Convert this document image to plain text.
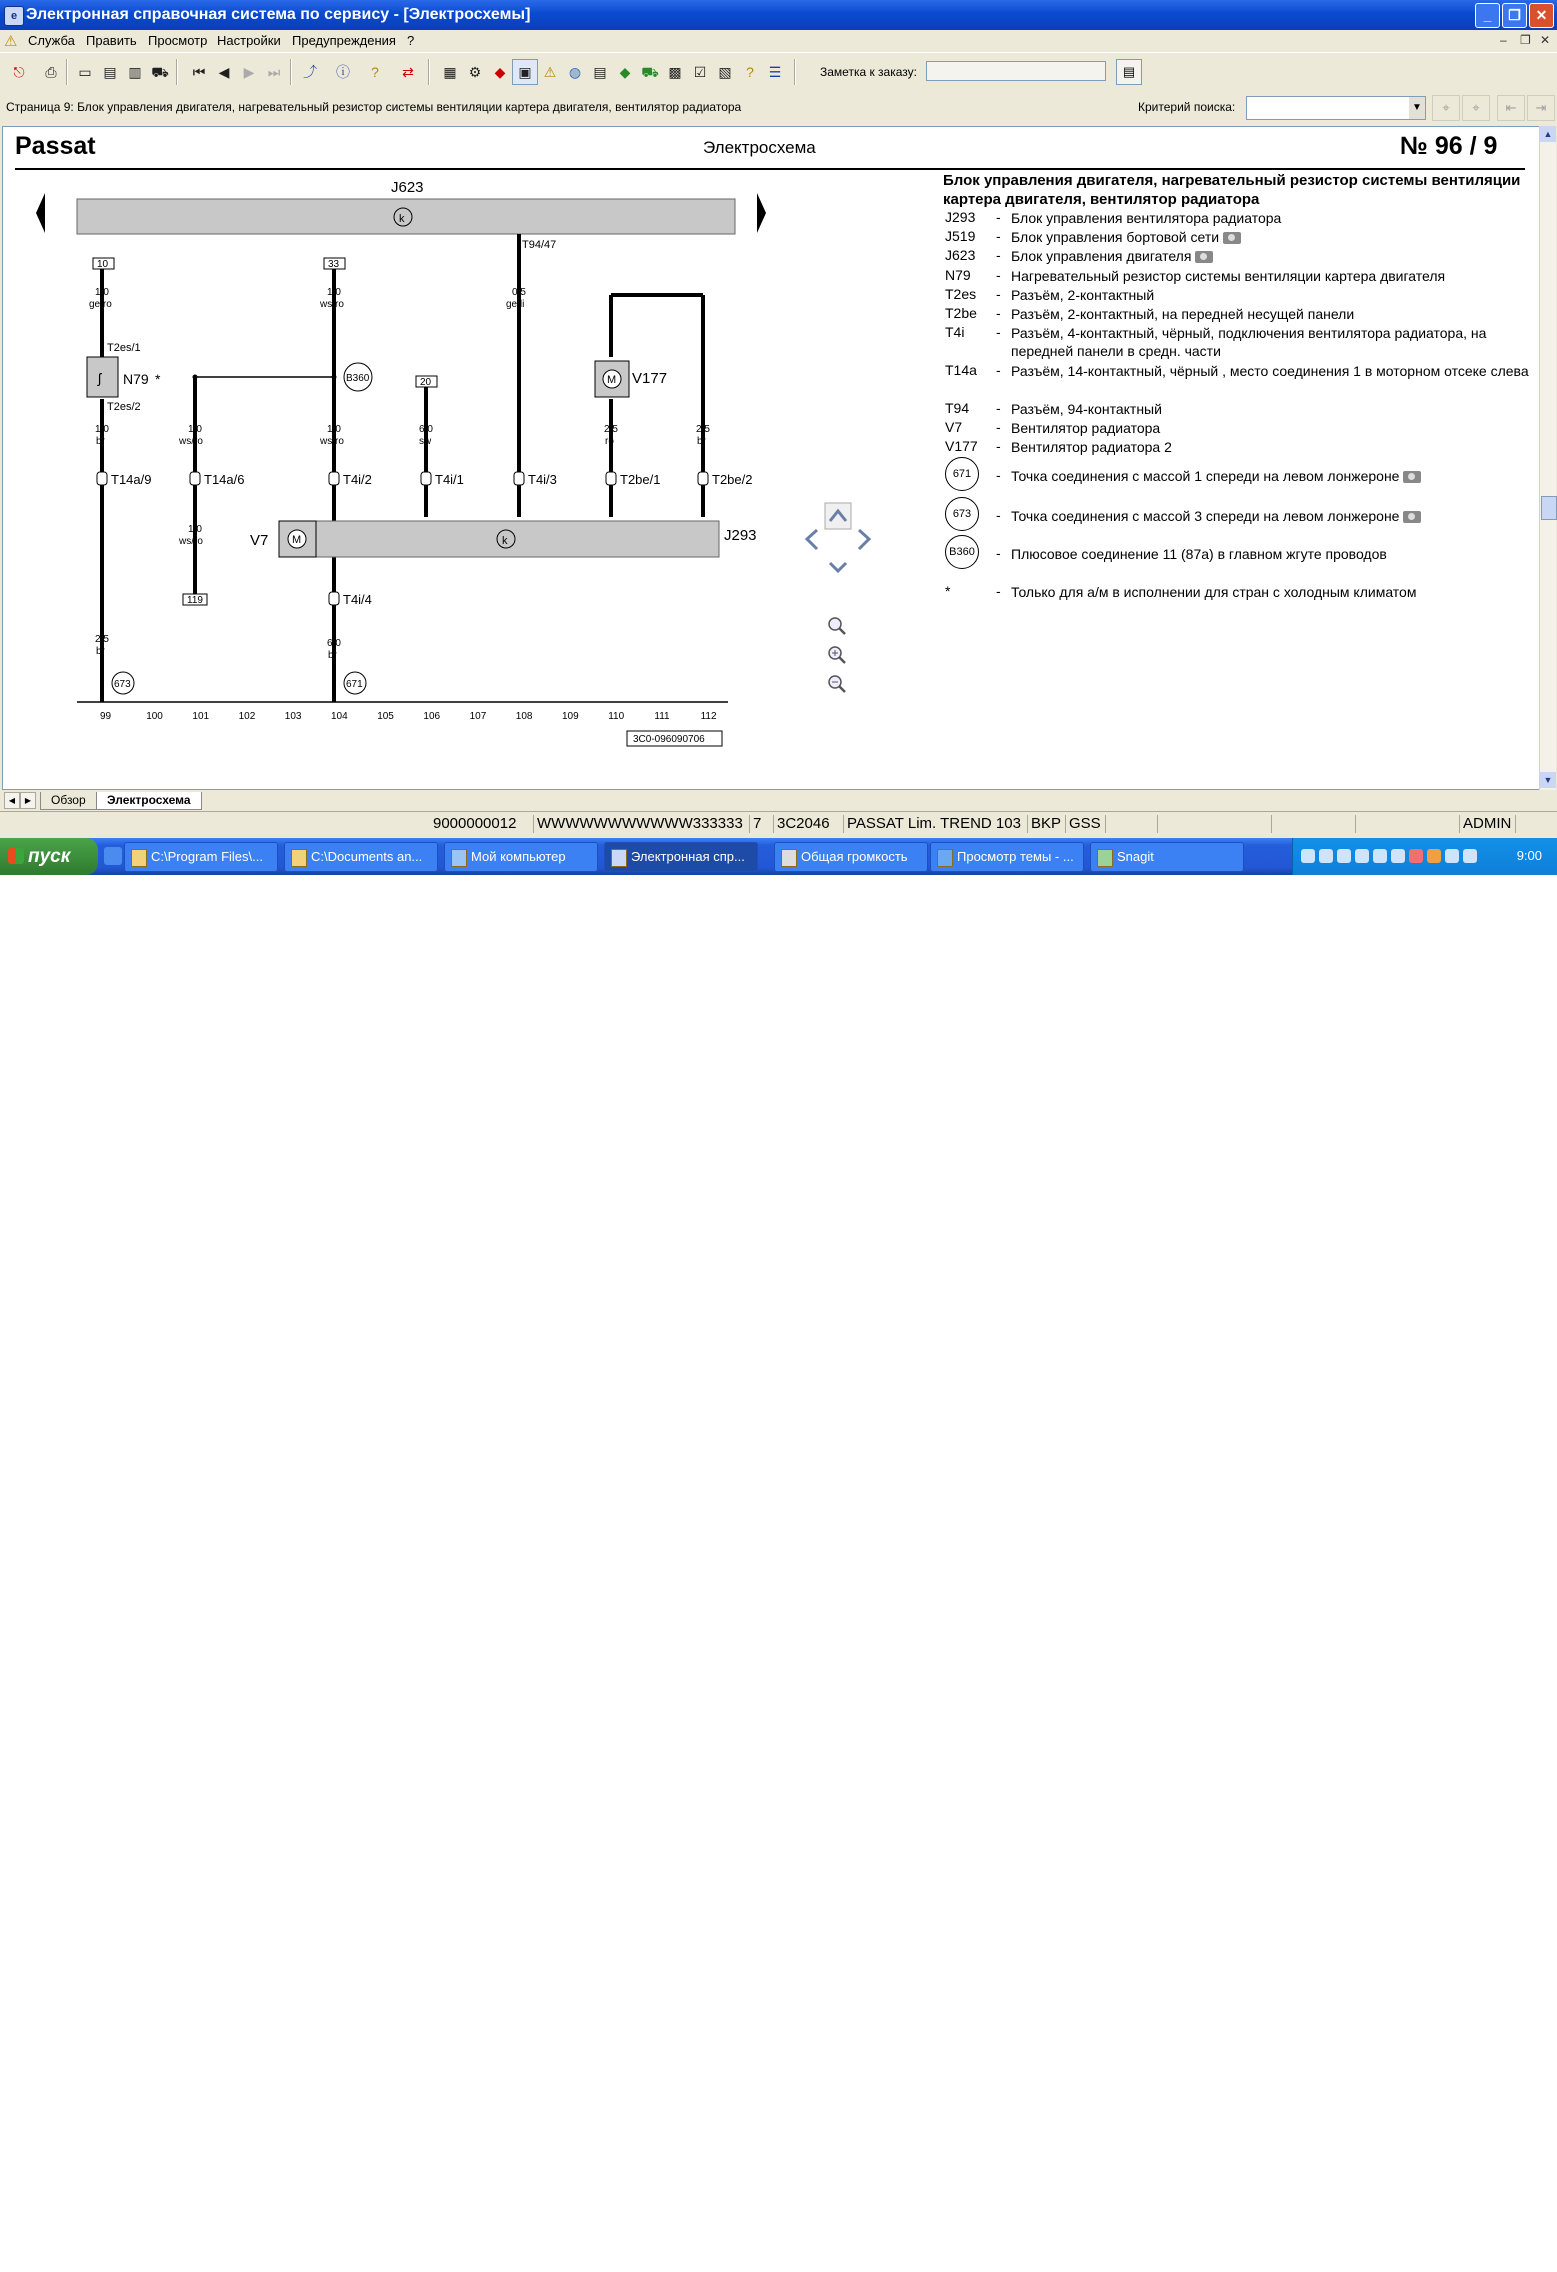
e Электронная справочная система по сервису - [Электросхемы]	_	❐	✕
⚠ Служба Править Просмотр Настройки Предупреждения ?	– ❐ ✕
⎋	⎙	▭ ▤ ▥ ⛟	⏮ ◀	▶ ⏭	⤴	ⓘ	?	⇄	▦ ⚙ ◆ ▣ ⚠ ◍ ▤ ◆ ⛟ ▩ ☑ ▧	?	☰	Заметка к заказу:	▤
Страница 9: Блок управления двигателя, нагревательный резистор системы вентиляции картера двигателя, вентилятор радиатора	Критерий поиска:	▼	⌖	⌖	⇤	⇥
Passat	Электросхема	№ 96 / 9
J623
k
M	k
V7	J293
ʃ N79 *	M V177
B360
10	33
20
119
1,0
ge/ro
1,0
ws/ro
0,5
ge/li
1,0
br
1,0
ws/ro
1,0
ws/ro
6,0
sw
2,5
ro
2,5
br
1,0
ws/ro
2,5
br
6,0
br
T94/47
T2es/1
T2es/2
T14a/9	T14a/6	T4i/2	T4i/1	T4i/3	T2be/1	T2be/2
T4i/4
673	671
99	100	101	102	103	104	105	106	107	108	109	110	111	112
3C0-096090706
Блок управления двигателя, нагревательный резистор системы вентиляции картера двигателя, вентилятор радиатора
J293 - Блок управления вентилятора радиатора
J519 - Блок управления бортовой сети
J623 - Блок управления двигателя
N79 - Нагревательный резистор системы вентиляции картера двигателя
T2es - Разъём, 2-контактный
T2be - Разъём, 2-контактный, на передней несущей панели
T4i - Разъём, 4-контактный, чёрный, подключения вентилятора радиатора, на передней панели в средн. части
T14a - Разъём, 14-контактный, чёрный , место соединения 1 в моторном отсеке слева
T94 - Разъём, 94-контактный
V7 - Вентилятор радиатора
V177 - Вентилятор радиатора 2
671	- Точка соединения с массой 1 спереди на левом лонжероне
673	- Точка соединения с массой 3 спереди на левом лонжероне
B360 - Плюсовое соединение 11 (87a) в главном жгуте проводов
*	- Только для а/м в исполнении для стран с холодным климатом
▲
▼
◀	▶	Обзор	Электросхема
9000000012	WWWWWWWWWWW333333 7	3C2046	PASSAT Lim. TREND 103 BKP GSS	ADMIN
пуск	C:\Program Files\...	C:\Documents an...	Мой компьютер	Электронная спр...	Общая громкость	Просмотр темы - ...	Snagit	9:00
